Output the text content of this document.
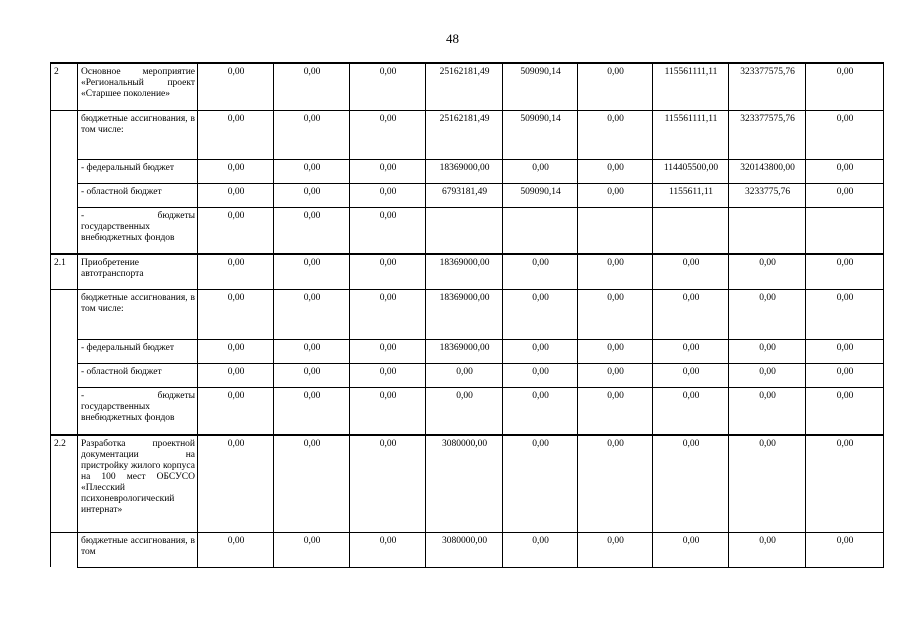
48
2	Основное мероприятие «Региональный проект «Старшее поколение»	0,00	0,00	0,00	25162181,49	509090,14	0,00	115561111,11	323377575,76	0,00
	бюджетные ассигнования, в том числе:	0,00	0,00	0,00	25162181,49	509090,14	0,00	115561111,11	323377575,76	0,00
	- федеральный бюджет	0,00	0,00	0,00	18369000,00	0,00	0,00	114405500,00	320143800,00	0,00
	- областной бюджет	0,00	0,00	0,00	6793181,49	509090,14	0,00	1155611,11	3233775,76	0,00
	- бюджеты государственных внебюджетных фондов	0,00	0,00	0,00						
2.1	Приобретение автотранспорта	0,00	0,00	0,00	18369000,00	0,00	0,00	0,00	0,00	0,00
	бюджетные ассигнования, в том числе:	0,00	0,00	0,00	18369000,00	0,00	0,00	0,00	0,00	0,00
	- федеральный бюджет	0,00	0,00	0,00	18369000,00	0,00	0,00	0,00	0,00	0,00
	- областной бюджет	0,00	0,00	0,00	0,00	0,00	0,00	0,00	0,00	0,00
	- бюджеты государственных внебюджетных фондов	0,00	0,00	0,00	0,00	0,00	0,00	0,00	0,00	0,00
2.2	Разработка проектной документации на пристройку жилого корпуса на 100 мест ОБСУСО «Плесский психоневрологический интернат»	0,00	0,00	0,00	3080000,00	0,00	0,00	0,00	0,00	0,00
	бюджетные ассигнования, в том	0,00	0,00	0,00	3080000,00	0,00	0,00	0,00	0,00	0,00
